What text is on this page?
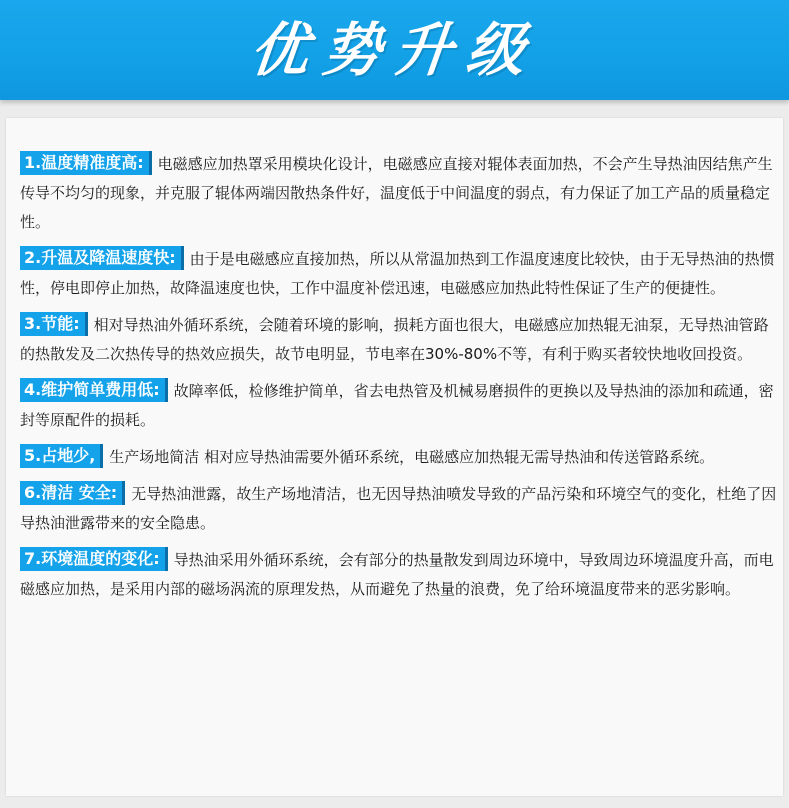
优势升级
1.温度精准度高: 电磁感应加热罩采用模块化设计，电磁感应直接对辊体表面加热，不会产生导热油因结焦产生传导不均匀的现象，并克服了辊体两端因散热条件好，温度低于中间温度的弱点，有力保证了加工产品的质量稳定性。
2.升温及降温速度快: 由于是电磁感应直接加热，所以从常温加热到工作温度速度比较快，由于无导热油的热惯性，停电即停止加热，故降温速度也快，工作中温度补偿迅速，电磁感应加热此特性保证了生产的便捷性。
3.节能: 相对导热油外循环系统，会随着环境的影响，损耗方面也很大，电磁感应加热辊无油泵，无导热油管路的热散发及二次热传导的热效应损失，故节电明显，节电率在30%-80%不等，有利于购买者较快地收回投资。
4.维护简单费用低: 故障率低，检修维护简单，省去电热管及机械易磨损件的更换以及导热油的添加和疏通，密封等原配件的损耗。
5.占地少, 生产场地简洁 相对应导热油需要外循环系统，电磁感应加热辊无需导热油和传送管路系统。
6.清洁 安全: 无导热油泄露，故生产场地清洁，也无因导热油喷发导致的产品污染和环境空气的变化，杜绝了因导热油泄露带来的安全隐患。
7.环境温度的变化: 导热油采用外循环系统，会有部分的热量散发到周边环境中，导致周边环境温度升高，而电磁感应加热，是采用内部的磁场涡流的原理发热，从而避免了热量的浪费，免了给环境温度带来的恶劣影响。
